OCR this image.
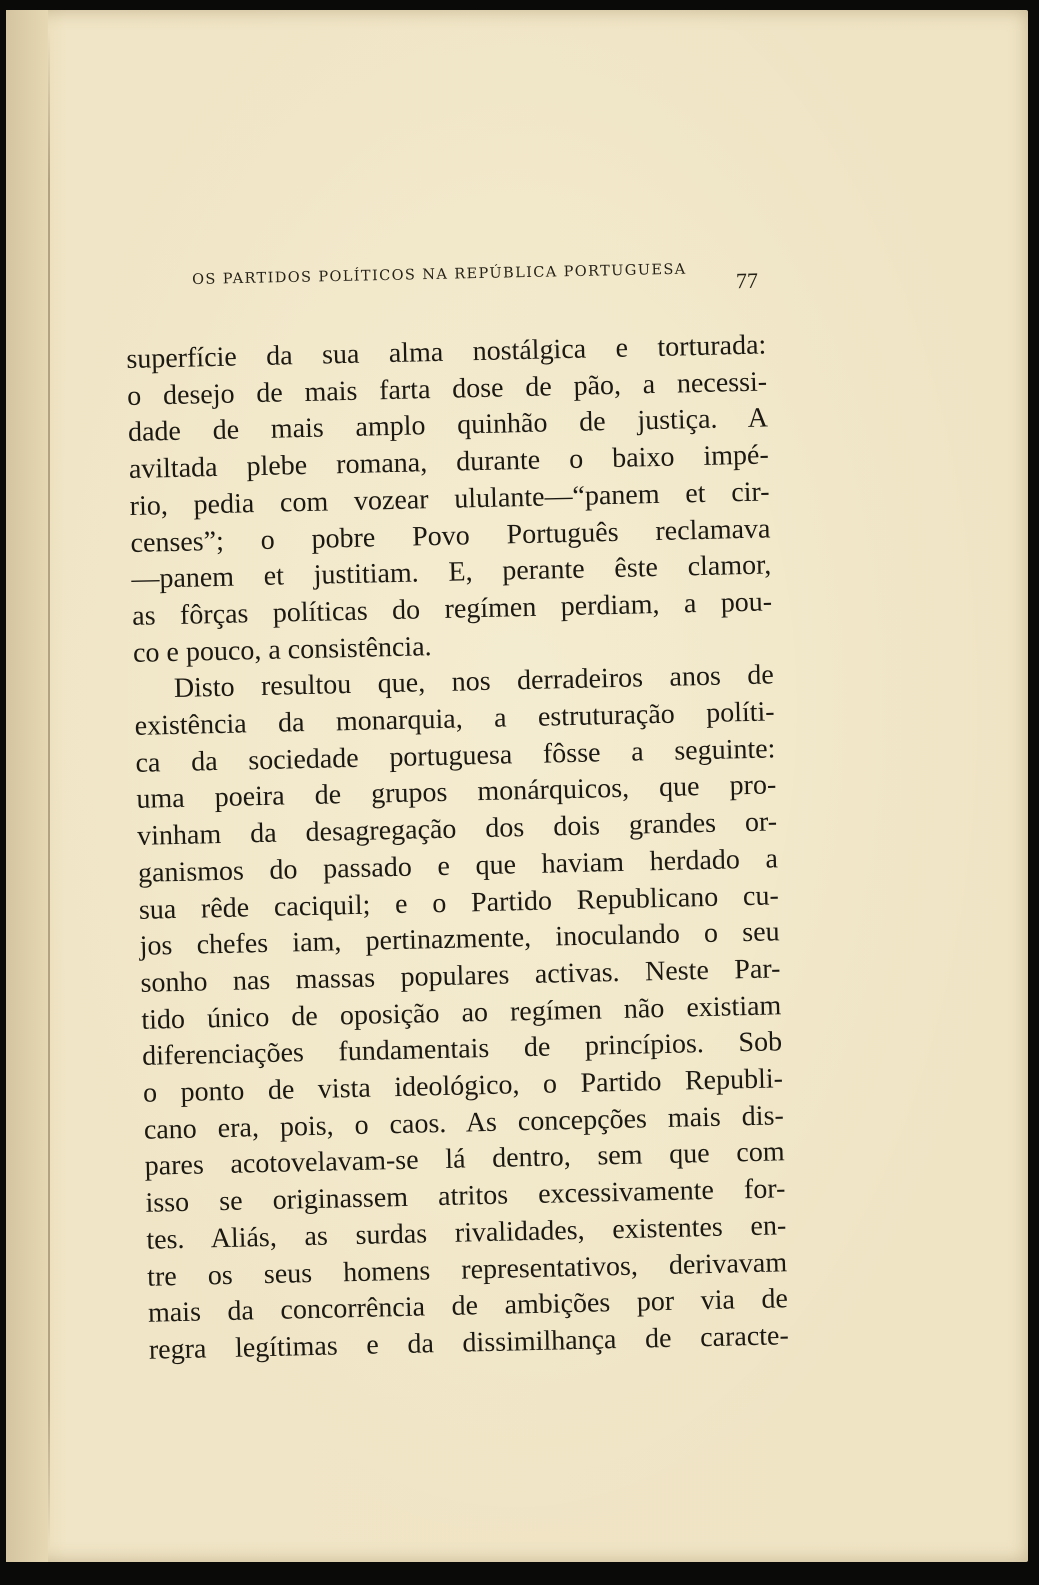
OS PARTIDOS POLÍTICOS NA REPÚBLICA PORTUGUESA	77
superfície da sua alma nostálgica e torturada:
o desejo de mais farta dose de pão, a necessi-
dade de mais amplo quinhão de justiça. A
aviltada plebe romana, durante o baixo impé-
rio, pedia com vozear ululante—“panem et cir-
censes”; o pobre Povo Português reclamava
—panem et justitiam. E, perante êste clamor,
as fôrças políticas do regímen perdiam, a pou-
co e pouco, a consistência.
Disto resultou que, nos derradeiros anos de
existência da monarquia, a estruturação políti-
ca da sociedade portuguesa fôsse a seguinte:
uma poeira de grupos monárquicos, que pro-
vinham da desagregação dos dois grandes or-
ganismos do passado e que haviam herdado a
sua rêde caciquil; e o Partido Republicano cu-
jos chefes iam, pertinazmente, inoculando o seu
sonho nas massas populares activas. Neste Par-
tido único de oposição ao regímen não existiam
diferenciações fundamentais de princípios. Sob
o ponto de vista ideológico, o Partido Republi-
cano era, pois, o caos. As concepções mais dis-
pares acotovelavam-se lá dentro, sem que com
isso se originassem atritos excessivamente for-
tes. Aliás, as surdas rivalidades, existentes en-
tre os seus homens representativos, derivavam
mais da concorrência de ambições por via de
regra legítimas e da dissimilhança de caracte-
